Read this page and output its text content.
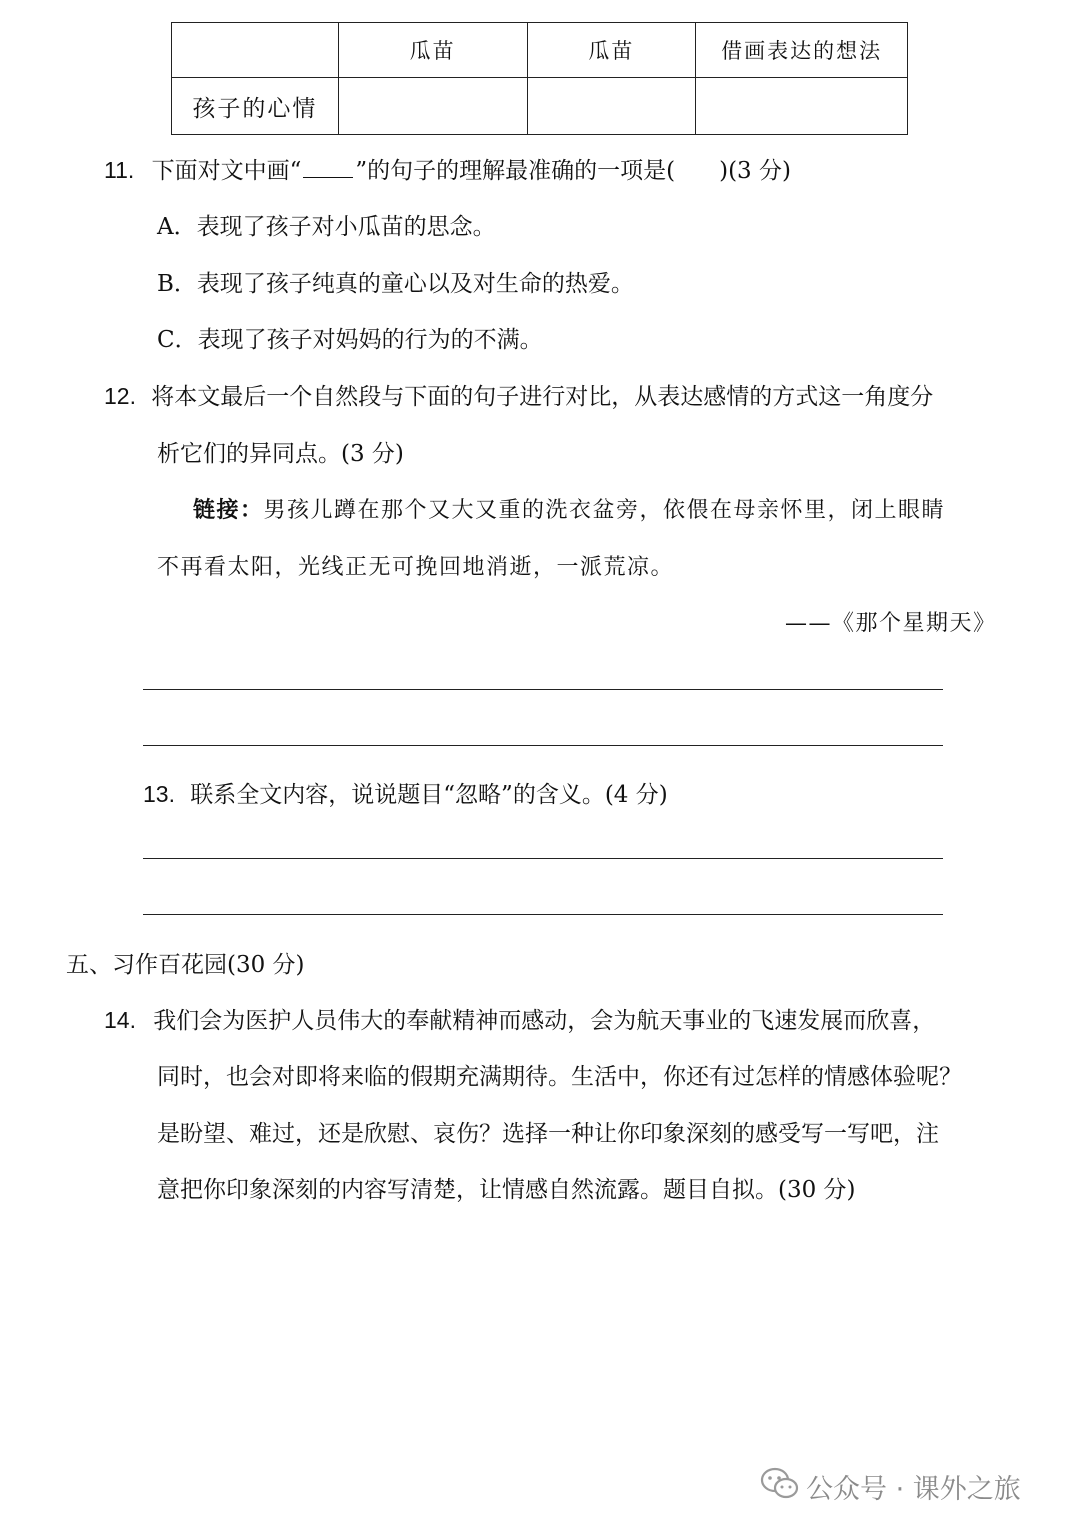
	瓜苗	瓜苗	借画表达的想法
孩子的心情			
11. 下面对文中画“ ”的句子的理解最准确的一项是( )(3 分)
A．表现了孩子对小瓜苗的思念。
B．表现了孩子纯真的童心以及对生命的热爱。
C．表现了孩子对妈妈的行为的不满。
12. 将本文最后一个自然段与下面的句子进行对比，从表达感情的方式这一角度分
析它们的异同点。(3 分)
链接：男孩儿蹲在那个又大又重的洗衣盆旁，依偎在母亲怀里，闭上眼睛
不再看太阳，光线正无可挽回地消逝，一派荒凉。
——《那个星期天》
13. 联系全文内容，说说题目“忽略”的含义。(4 分)
五、习作百花园(30 分)
14. 我们会为医护人员伟大的奉献精神而感动，会为航天事业的飞速发展而欣喜，
同时，也会对即将来临的假期充满期待。生活中，你还有过怎样的情感体验呢？
是盼望、难过，还是欣慰、哀伤？选择一种让你印象深刻的感受写一写吧，注
意把你印象深刻的内容写清楚，让情感自然流露。题目自拟。(30 分)
公众号 · 课外之旅
